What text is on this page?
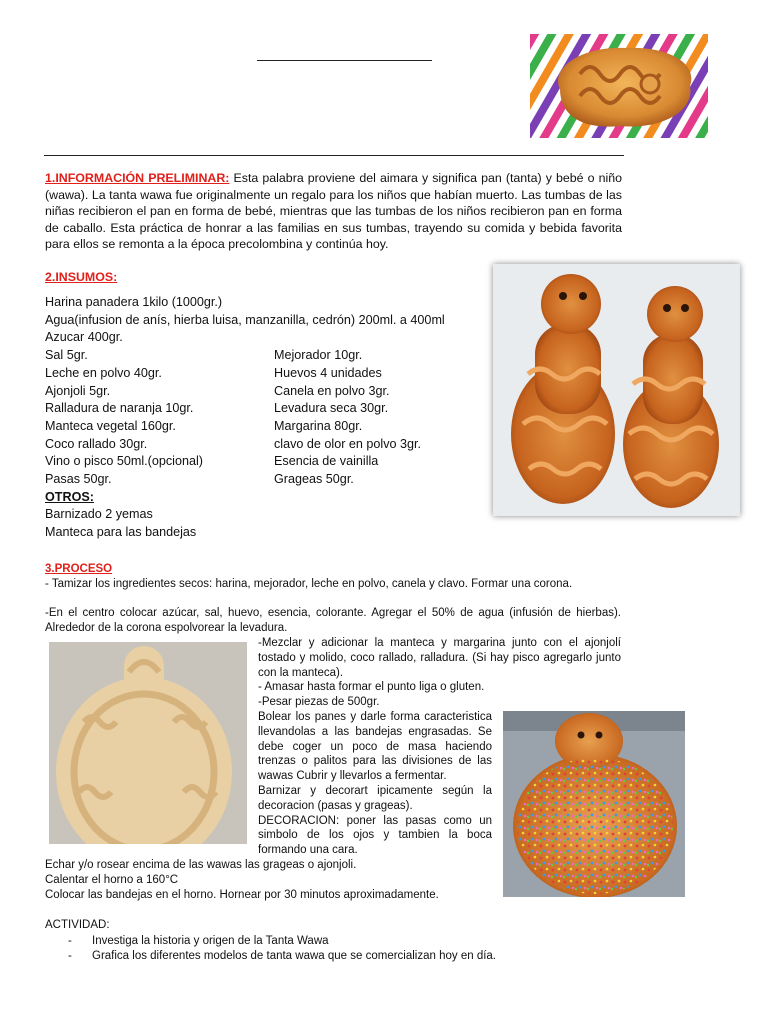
1.INFORMACIÓN PRELIMINAR: Esta palabra proviene del aimara y significa pan (tanta) y bebé o niño (wawa). La tanta wawa fue originalmente un regalo para los niños que habían muerto. Las tumbas de las niñas recibieron el pan en forma de bebé, mientras que las tumbas de los niños recibieron pan en forma de caballo. Esta práctica de honrar a las familias en sus tumbas, trayendo su comida y bebida favorita para ellos se remonta a la época precolombina y continúa hoy.
2.INSUMOS:
Harina panadera 1kilo (1000gr.)
Agua(infusion de anís, hierba luisa, manzanilla, cedrón) 200ml. a 400ml
Azucar 400gr.
Sal 5gr.
Leche en polvo 40gr.
Ajonjoli 5gr.
Ralladura de naranja 10gr.
Manteca vegetal 160gr.
Coco rallado 30gr.
Vino o pisco 50ml.(opcional)
Pasas 50gr.
Mejorador 10gr.
Huevos 4 unidades
Canela en polvo 3gr.
Levadura seca 30gr.
Margarina 80gr.
clavo de olor en polvo 3gr.
Esencia de vainilla
Grageas 50gr.
OTROS:
Barnizado 2 yemas
Manteca para las bandejas
3.PROCESO
- Tamizar los ingredientes secos: harina, mejorador, leche en polvo, canela y clavo. Formar una corona.
-En el centro colocar azúcar, sal, huevo, esencia, colorante. Agregar el 50% de agua (infusión de hierbas). Alrededor de la corona espolvorear la levadura.
-Mezclar y adicionar la manteca y margarina junto con el ajonjolí tostado y molido, coco rallado, ralladura. (Si hay pisco agregarlo junto con la manteca).
- Amasar hasta formar el punto liga o gluten.
-Pesar piezas de 500gr.
Bolear los panes y darle forma caracteristica llevandolas a las bandejas engrasadas. Se debe coger un poco de masa haciendo trenzas o palitos para las divisiones de las wawas Cubrir y llevarlos a fermentar.
Barnizar y decorart ipicamente según la decoracion (pasas y grageas).
DECORACION: poner las pasas como un simbolo de los ojos y tambien la boca formando una cara.
Echar y/o rosear encima de las wawas las grageas o ajonjoli.
Calentar el horno a 160°C
Colocar las bandejas en el horno. Hornear por 30 minutos aproximadamente.
ACTIVIDAD:
-	Investiga la historia y origen de la Tanta Wawa
-	Grafica los diferentes modelos de tanta wawa que se comercializan hoy en día.
